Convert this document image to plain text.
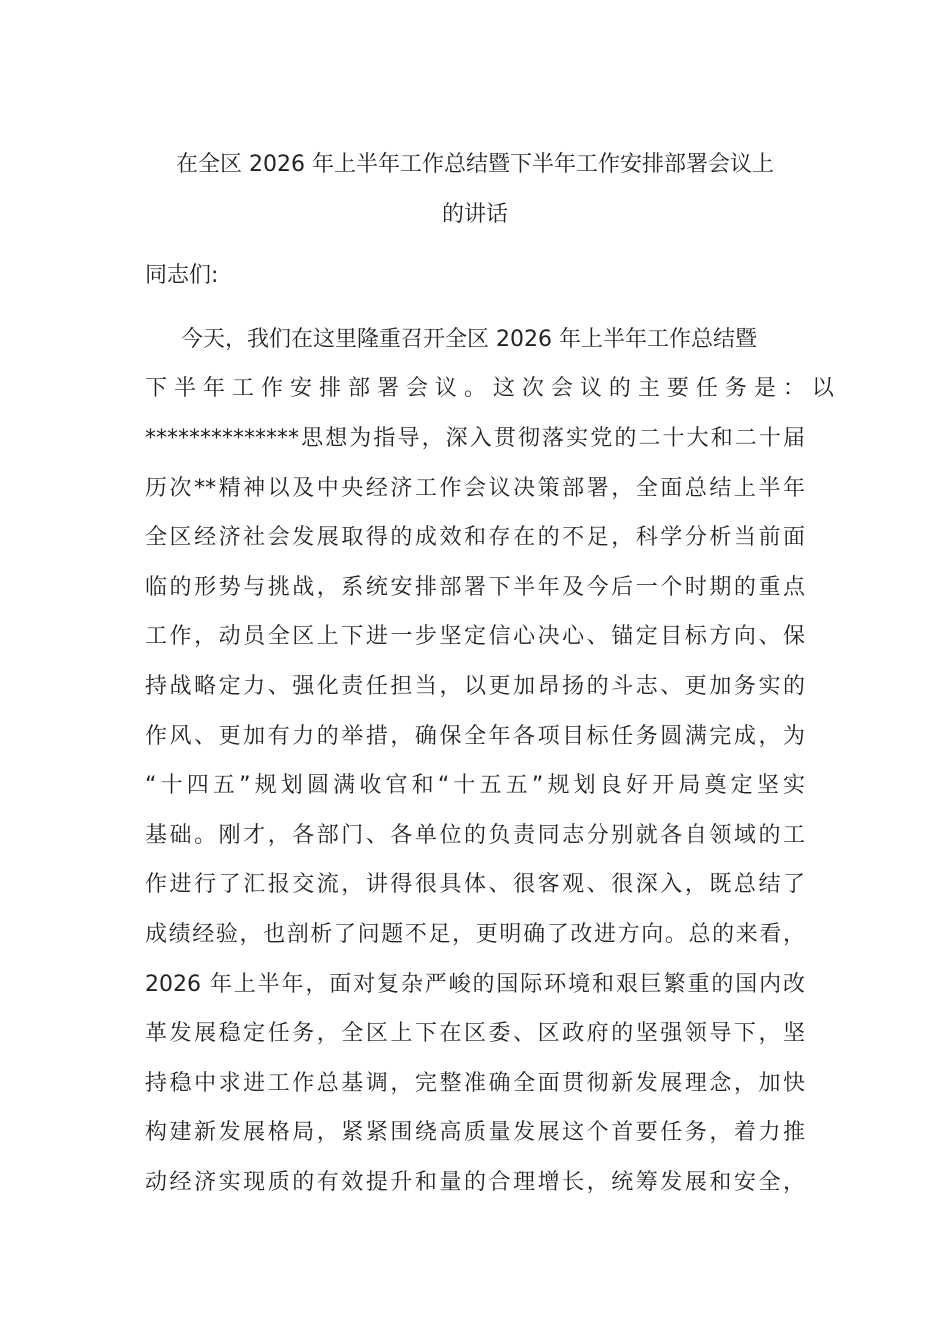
在全区 2026 年上半年工作总结暨下半年工作安排部署会议上
的讲话
同志们:
今天，我们在这里隆重召开全区 2026 年上半年工作总结暨
下 半 年 工 作 安 排 部 署 会 议 。 这 次 会 议 的 主 要 任 务 是 ： 以
**************思想为指导，深入贯彻落实党的二十大和二十届
历次**精神以及中央经济工作会议决策部署，全面总结上半年
全区经济社会发展取得的成效和存在的不足，科学分析当前面
临的形势与挑战，系统安排部署下半年及今后一个时期的重点
工作，动员全区上下进一步坚定信心决心、锚定目标方向、保
持战略定力、强化责任担当，以更加昂扬的斗志、更加务实的
作风、更加有力的举措，确保全年各项目标任务圆满完成，为
“十四五”规划圆满收官和“十五五”规划良好开局奠定坚实
基础。刚才，各部门、各单位的负责同志分别就各自领域的工
作进行了汇报交流，讲得很具体、很客观、很深入，既总结了
成绩经验，也剖析了问题不足，更明确了改进方向。总的来看，
2026 年上半年，面对复杂严峻的国际环境和艰巨繁重的国内改
革发展稳定任务，全区上下在区委、区政府的坚强领导下，坚
持稳中求进工作总基调，完整准确全面贯彻新发展理念，加快
构建新发展格局，紧紧围绕高质量发展这个首要任务，着力推
动经济实现质的有效提升和量的合理增长，统筹发展和安全，
